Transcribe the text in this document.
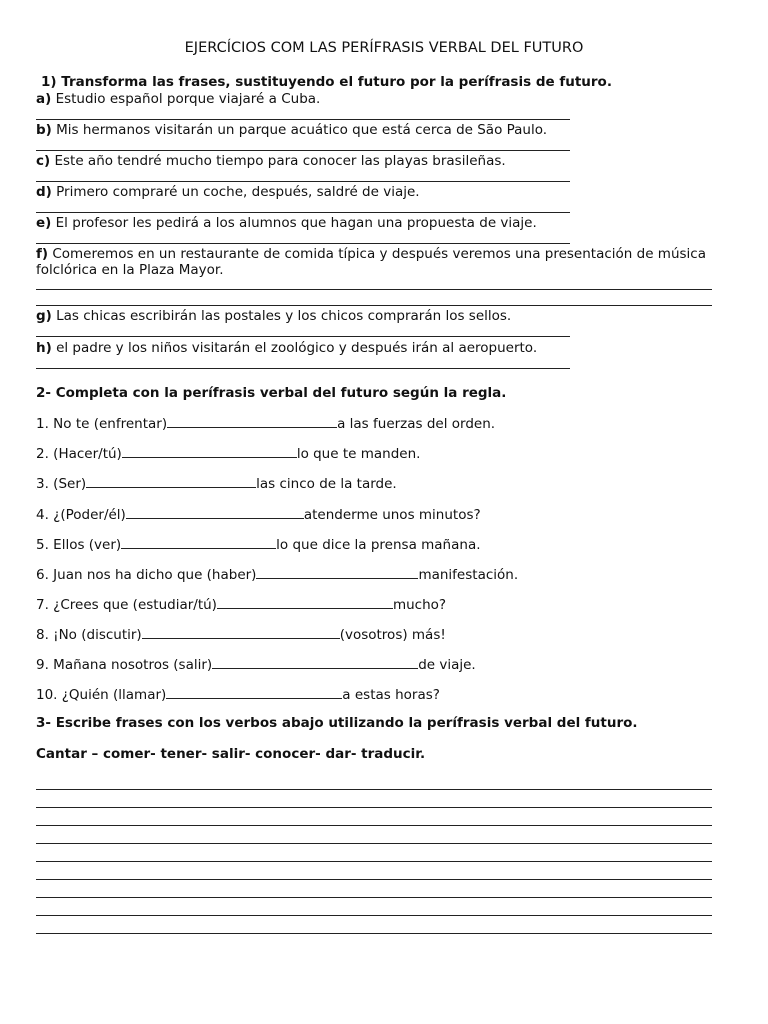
EJERCÍCIOS COM LAS PERÍFRASIS VERBAL DEL FUTURO
1) Transforma las frases, sustituyendo el futuro por la perífrasis de futuro.
a) Estudio español porque viajaré a Cuba.
b) Mis hermanos visitarán un parque acuático que está cerca de São Paulo.
c) Este año tendré mucho tiempo para conocer las playas brasileñas.
d) Primero compraré un coche, después, saldré de viaje.
e) El profesor les pedirá a los alumnos que hagan una propuesta de viaje.
f) Comeremos en un restaurante de comida típica y después veremos una presentación de música folclórica en la Plaza Mayor.
g) Las chicas escribirán las postales y los chicos comprarán los sellos.
h) el padre y los niños visitarán el zoológico y después irán al aeropuerto.
2- Completa con la perífrasis verbal del futuro según la regla.
1. No te (enfrentar)	a las fuerzas del orden.
2. (Hacer/tú)	lo que te manden.
3. (Ser)	las cinco de la tarde.
4. ¿(Poder/él)	atenderme unos minutos?
5. Ellos (ver)	lo que dice la prensa mañana.
6. Juan nos ha dicho que (haber)	manifestación.
7. ¿Crees que (estudiar/tú)	mucho?
8. ¡No (discutir)	(vosotros) más!
9. Mañana nosotros (salir)	de viaje.
10. ¿Quién (llamar)	a estas horas?
3- Escribe frases con los verbos abajo utilizando la perífrasis verbal del futuro.
Cantar – comer- tener- salir- conocer- dar- traducir.
